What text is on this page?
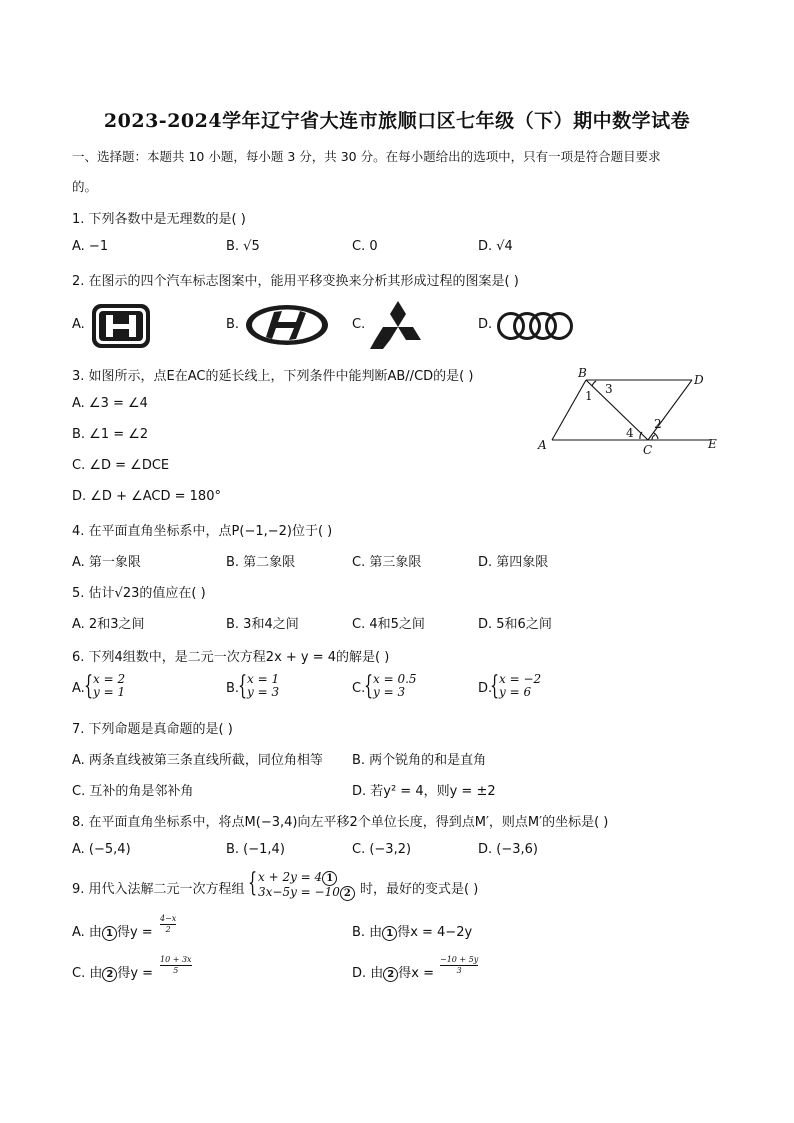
2023-2024学年辽宁省大连市旅顺口区七年级（下）期中数学试卷
一、选择题：本题共 10 小题，每小题 3 分，共 30 分。在每小题给出的选项中，只有一项是符合题目要求
的。
1. 下列各数中是无理数的是( )
A. −1	B. √5	C. 0	D. √4
2. 在图示的四个汽车标志图案中，能用平移变换来分析其形成过程的图案是( )
A.	B.	C.	D.
3. 如图所示，点E在AC的延长线上，下列条件中能判断AB//CD的是( )
A. ∠3 = ∠4
B. ∠1 = ∠2
C. ∠D = ∠DCE
D. ∠D + ∠ACD = 180°
B	D
A	C	E
1
2
3
4
4. 在平面直角坐标系中，点P(−1,−2)位于( )
A. 第一象限	B. 第二象限	C. 第三象限	D. 第四象限
5. 估计√23的值应在( )
A. 2和3之间	B. 3和4之间	C. 4和5之间	D. 5和6之间
6. 下列4组数中，是二元一次方程2x + y = 4的解是( )
A. { x = 2
y = 1	B.
{ x = 1
y = 3	C.
{ x = 0.5
y = 3	D.
{ x = −2
y = 6
7. 下列命题是真命题的是( )
A. 两条直线被第三条直线所截，同位角相等 B. 两个锐角的和是直角
C. 互补的角是邻补角	D. 若y² = 4，则y = ±2
8. 在平面直角坐标系中，将点M(−3,4)向左平移2个单位长度，得到点M′，则点M′的坐标是( )
A. (−5,4)	B. (−1,4)	C. (−3,2)	D. (−3,6)
9. 用代入法解二元一次方程组 { x + 2y = 4 1
3x−5y = −10 2 时，最好的变式是( )
A. 由 1 得$y = \frac{4-x}{2}$	B. 由 1 得x = 4−2y
C. 由 2 得$y = \frac{10 + 3x}{5}$	D. 由 2 得$x = \frac{-10 + 5y}{3}$
